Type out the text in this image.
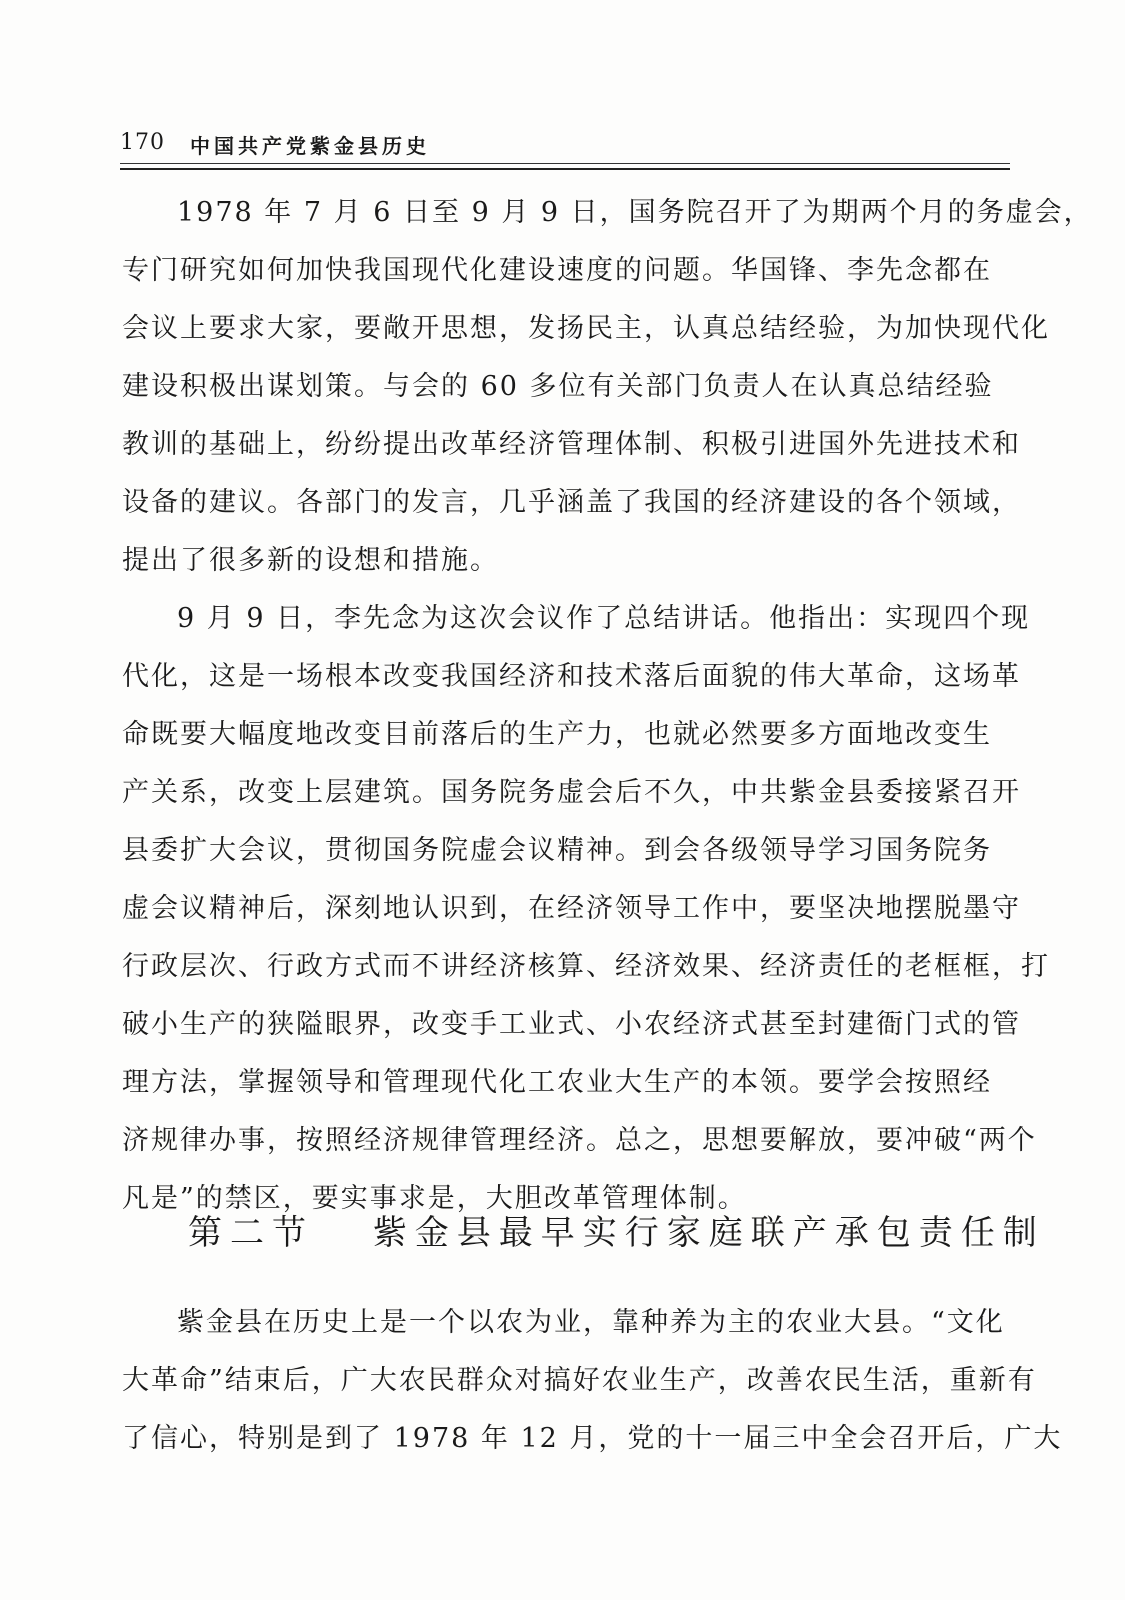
170 中国共产党紫金县历史
1978 年 7 月 6 日至 9 月 9 日，国务院召开了为期两个月的务虚会，
专门研究如何加快我国现代化建设速度的问题。华国锋、李先念都在
会议上要求大家，要敞开思想，发扬民主，认真总结经验，为加快现代化
建设积极出谋划策。与会的 60 多位有关部门负责人在认真总结经验
教训的基础上，纷纷提出改革经济管理体制、积极引进国外先进技术和
设备的建议。各部门的发言，几乎涵盖了我国的经济建设的各个领域，
提出了很多新的设想和措施。
9 月 9 日，李先念为这次会议作了总结讲话。他指出：实现四个现
代化，这是一场根本改变我国经济和技术落后面貌的伟大革命，这场革
命既要大幅度地改变目前落后的生产力，也就必然要多方面地改变生
产关系，改变上层建筑。国务院务虚会后不久，中共紫金县委接紧召开
县委扩大会议，贯彻国务院虚会议精神。到会各级领导学习国务院务
虚会议精神后，深刻地认识到，在经济领导工作中，要坚决地摆脱墨守
行政层次、行政方式而不讲经济核算、经济效果、经济责任的老框框，打
破小生产的狭隘眼界，改变手工业式、小农经济式甚至封建衙门式的管
理方法，掌握领导和管理现代化工农业大生产的本领。要学会按照经
济规律办事，按照经济规律管理经济。总之，思想要解放，要冲破“两个
凡是”的禁区，要实事求是，大胆改革管理体制。
第二节 紫金县最早实行家庭联产承包责任制
紫金县在历史上是一个以农为业，靠种养为主的农业大县。“文化
大革命”结束后，广大农民群众对搞好农业生产，改善农民生活，重新有
了信心，特别是到了 1978 年 12 月，党的十一届三中全会召开后，广大
